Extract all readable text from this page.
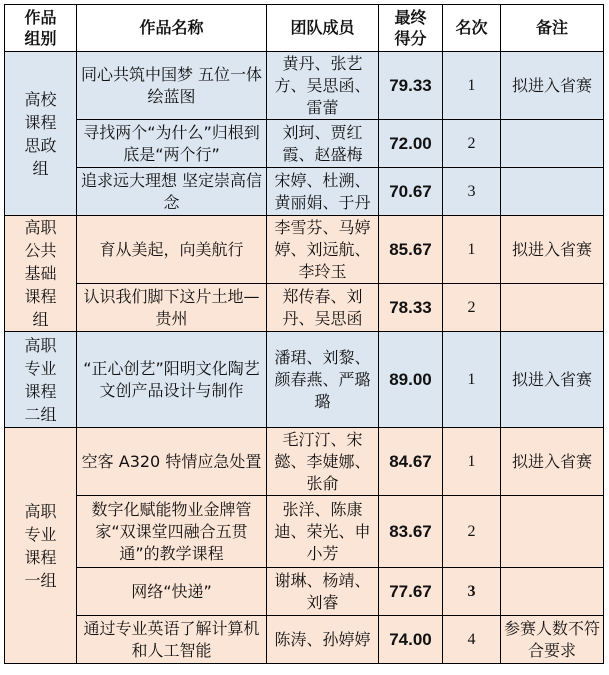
作品
组别	作品名称	团队成员	最终
得分	名次	备注
高校
课程
思政
组	同心共筑中国梦 五位一体绘蓝图	黄丹、张艺方、吴思函、雷蕾	79.33	1	拟进入省赛
	寻找两个“为什么”归根到底是“两个行”	刘珂、贾红霞、赵盛梅	72.00	2	
	追求远大理想 坚定崇高信念	宋婷、杜溯、黄丽娟、于丹	70.67	3	
高职
公共
基础
课程
组	育从美起，向美航行	李雪芬、马婷婷、刘远航、李玲玉	85.67	1	拟进入省赛
	认识我们脚下这片土地—贵州	郑传春、刘丹、吴思函	78.33	2	
高职
专业
课程
二组	“正心创艺”阳明文化陶艺文创产品设计与制作	潘珺、刘黎、颜春燕、严璐璐	89.00	1	拟进入省赛
高职
专业
课程
一组	空客 A320 特情应急处置	毛汀汀、宋懿、李婕娜、张俞	84.67	1	拟进入省赛
	数字化赋能物业金牌管家“双课堂四融合五贯通”的教学课程	张洋、陈康迪、荣光、申小芳	83.67	2	
	网络“快递”	谢琳、杨靖、刘睿	77.67	3	
	通过专业英语了解计算机和人工智能	陈涛、孙婷婷	74.00	4	参赛人数不符合要求
